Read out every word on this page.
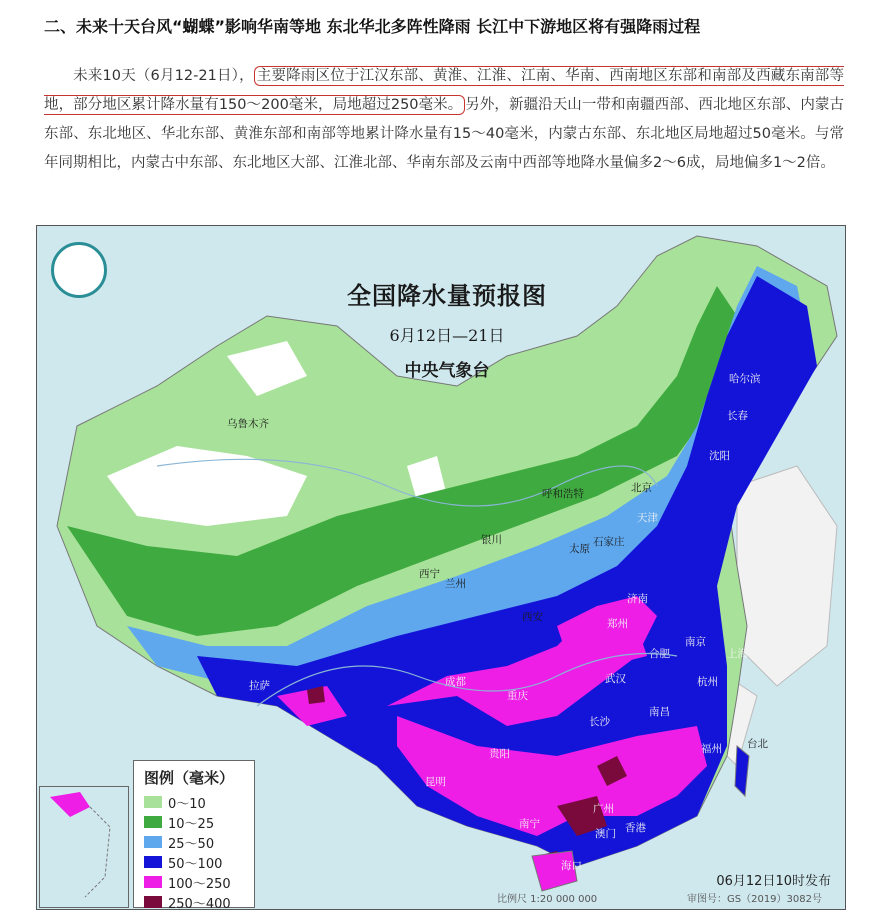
二、未来十天台风“蝴蝶”影响华南等地 东北华北多阵性降雨 长江中下游地区将有强降雨过程
  未来10天（6月12-21日）， 主要降雨区位于江汉东部、黄淮、江淮、江南、华南、西南地区东部和南部及西藏东南部等地，部分地区累计降水量有150～200毫米，局地超过250毫米。 另外，新疆沿天山一带和南疆西部、西北地区东部、内蒙古东部、东北地区、华北东部、黄淮东部和南部等地累计降水量有15～40毫米，内蒙古东部、东北地区局地超过50毫米。与常年同期相比，内蒙古中东部、东北地区大部、江淮北部、华南东部及云南中西部等地降水量偏多2～6成，局地偏多1～2倍。
全国降水量预报图
6月12日—21日
中央气象台
乌鲁木齐
哈尔滨
长春
沈阳
北京
天津
呼和浩特
石家庄
太原
银川
西宁
兰州
西安
济南
郑州
合肥
南京
上海
武汉	杭州
拉萨	成都
重庆
长沙
南昌
贵阳
昆明
福州 台北
南宁
广州
澳门 香港
海口
图例（毫米）
0～10
10～25
25～50
50～100
100～250
250～400
06月12日10时发布
比例尺 1:20 000 000	审图号：GS（2019）3082号
